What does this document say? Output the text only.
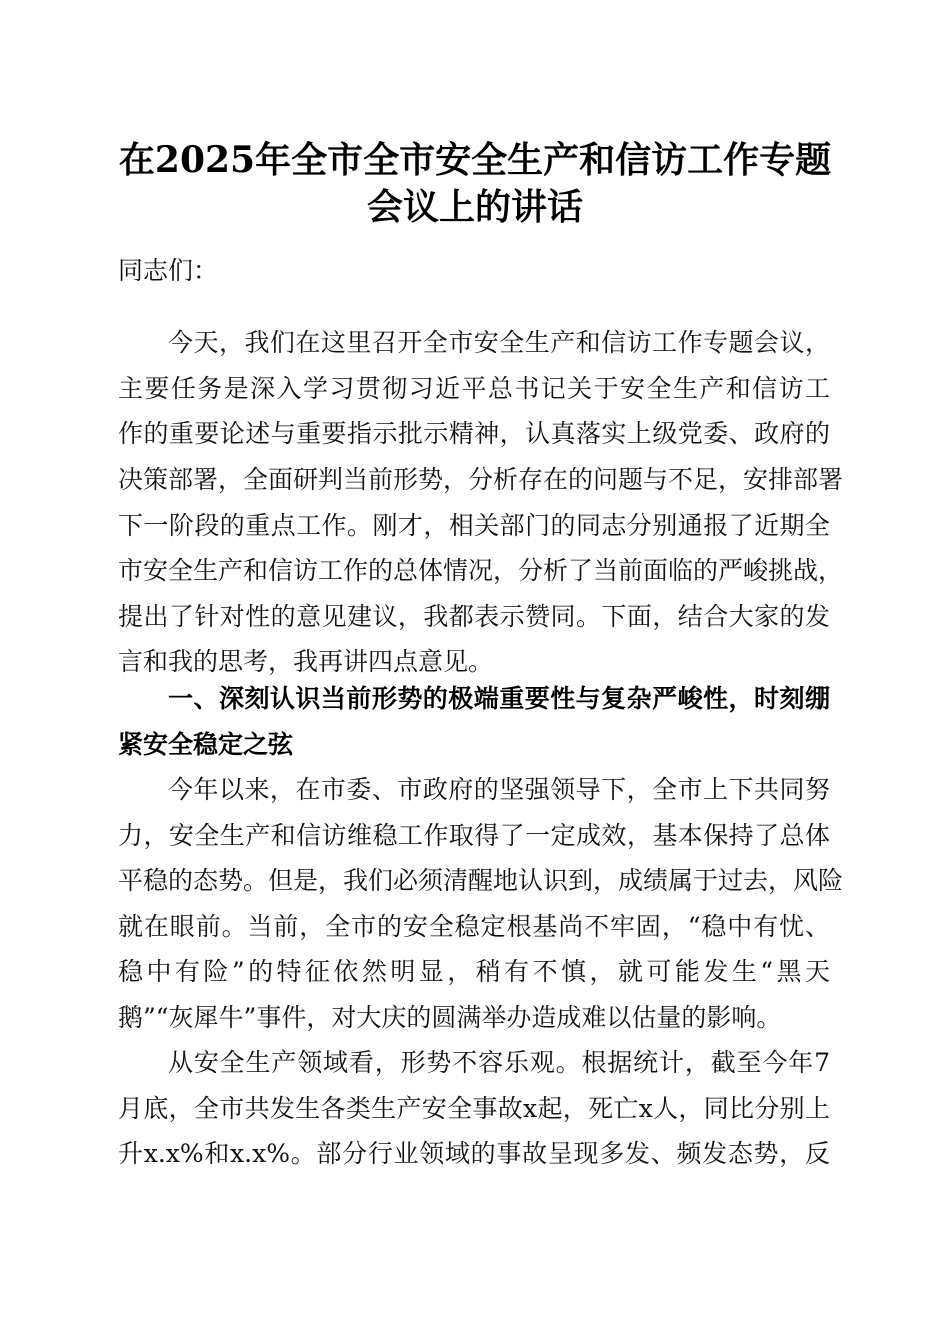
在2025年全市全市安全生产和信访工作专题
会议上的讲话
同志们：
今天，我们在这里召开全市安全生产和信访工作专题会议，
主要任务是深入学习贯彻习近平总书记关于安全生产和信访工
作的重要论述与重要指示批示精神，认真落实上级党委、政府的
决策部署，全面研判当前形势，分析存在的问题与不足，安排部署
下一阶段的重点工作。刚才，相关部门的同志分别通报了近期全
市安全生产和信访工作的总体情况，分析了当前面临的严峻挑战，
提出了针对性的意见建议，我都表示赞同。下面，结合大家的发
言和我的思考，我再讲四点意见。
一、深刻认识当前形势的极端重要性与复杂严峻性，时刻绷
紧安全稳定之弦
今年以来，在市委、市政府的坚强领导下，全市上下共同努
力，安全生产和信访维稳工作取得了一定成效，基本保持了总体
平稳的态势。但是，我们必须清醒地认识到，成绩属于过去，风险
就在眼前。当前，全市的安全稳定根基尚不牢固，“稳中有忧、
稳中有险”的特征依然明显，稍有不慎，就可能发生“黑天
鹅”“灰犀牛”事件，对大庆的圆满举办造成难以估量的影响。
从安全生产领域看，形势不容乐观。根据统计，截至今年7
月底，全市共发生各类生产安全事故x起，死亡x人，同比分别上
升x.x%和x.x%。部分行业领域的事故呈现多发、频发态势，反
